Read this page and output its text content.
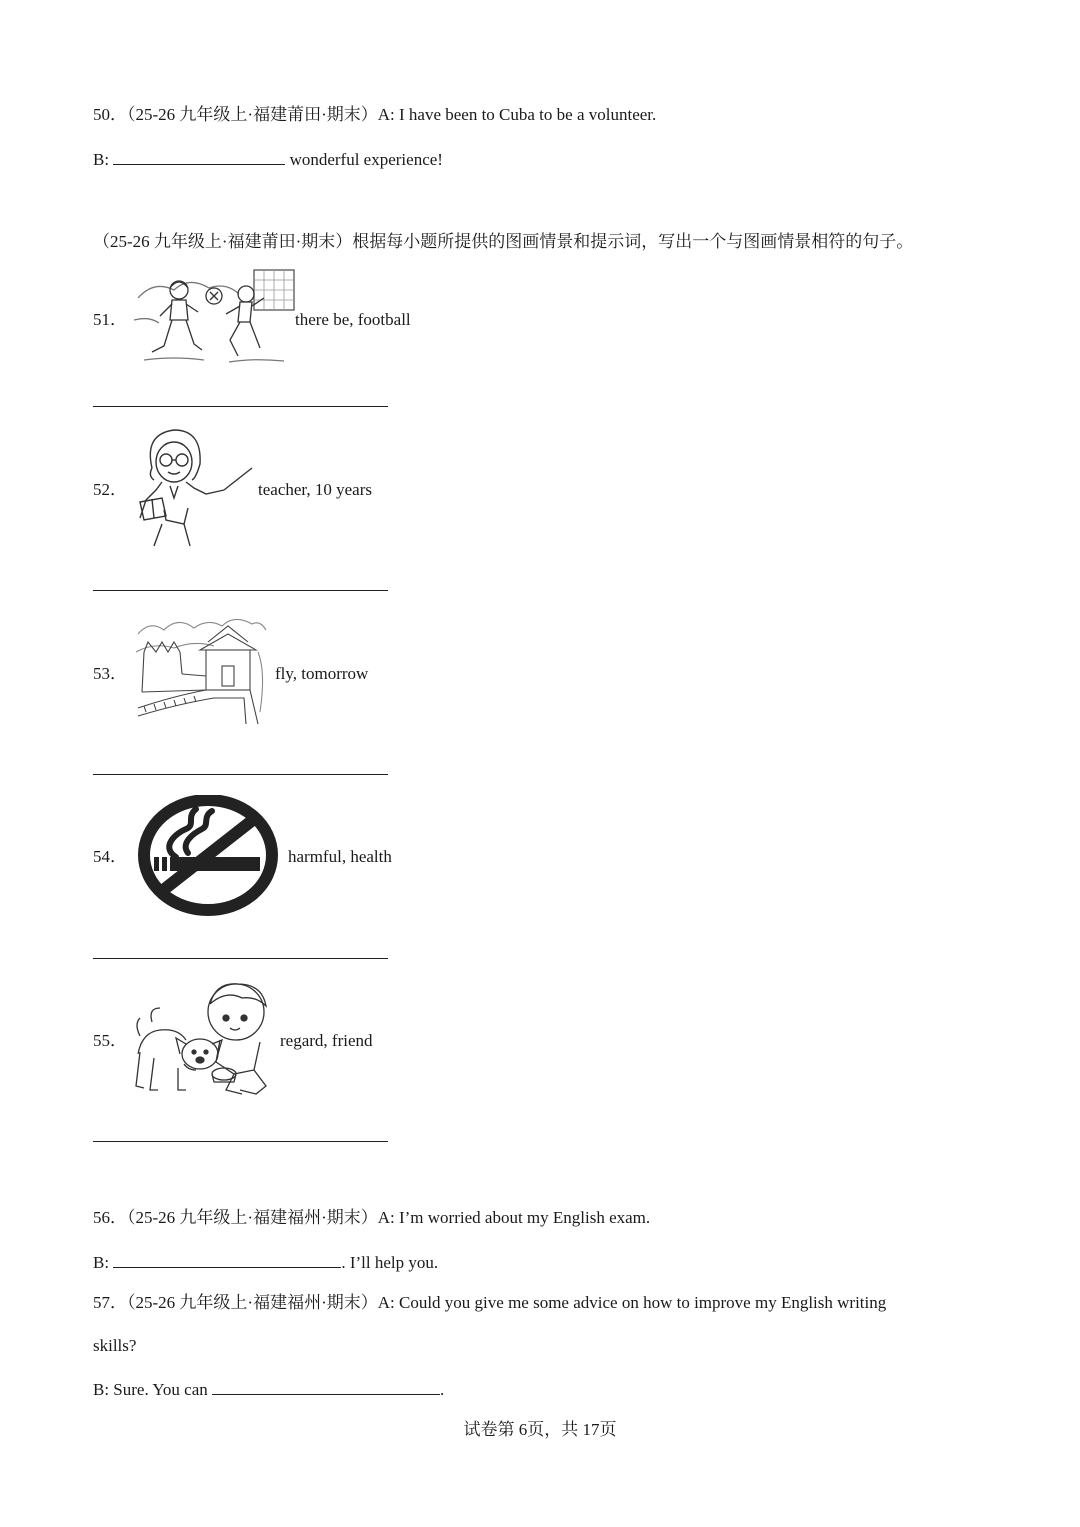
50．（25-26 九年级上·福建莆田·期末）A: I have been to Cuba to be a volunteer.
B:	wonderful experience!
（25-26 九年级上·福建莆田·期末）根据每小题所提供的图画情景和提示词，写出一个与图画情景相符的句子。
51．	there be, football
52．	teacher, 10 years
53．	fly, tomorrow
54．	harmful, health
55．	regard, friend
56．（25-26 九年级上·福建福州·期末）A: I’m worried about my English exam.
B:	. I’ll help you.
57．（25-26 九年级上·福建福州·期末）A: Could you give me some advice on how to improve my English writing
skills?
B: Sure. You can	.
试卷第 6页，共 17页
